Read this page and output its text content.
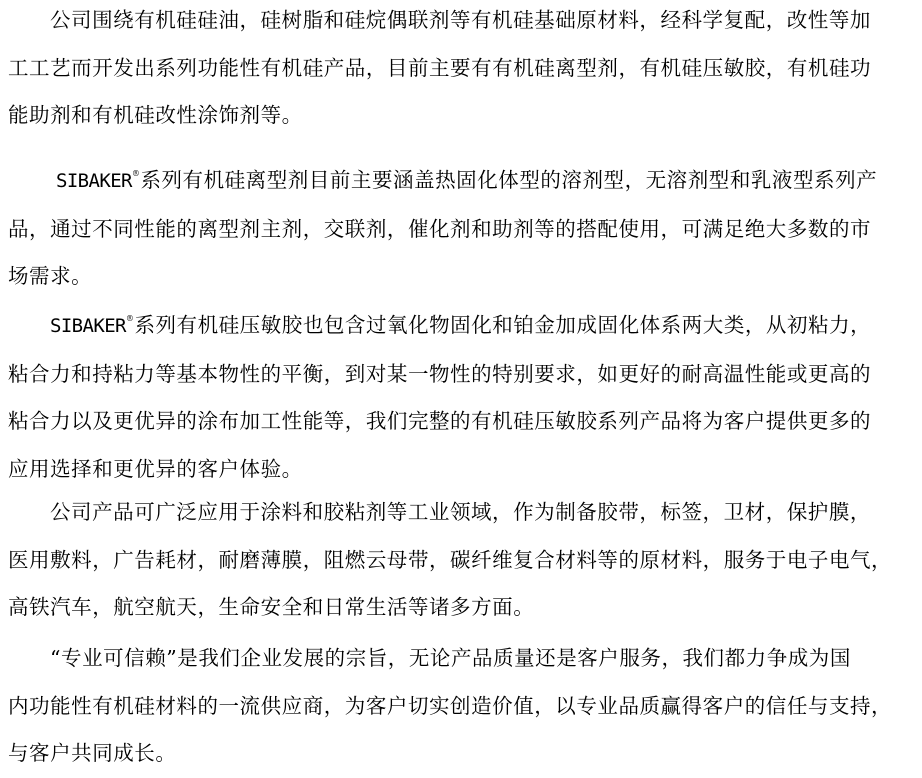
公司围绕有机硅硅油，硅树脂和硅烷偶联剂等有机硅基础原材料，经科学复配，改性等加
工工艺而开发出系列功能性有机硅产品，目前主要有有机硅离型剂，有机硅压敏胶，有机硅功
能助剂和有机硅改性涂饰剂等。

SIBAKER®系列有机硅离型剂目前主要涵盖热固化体型的溶剂型，无溶剂型和乳液型系列产
品，通过不同性能的离型剂主剂，交联剂，催化剂和助剂等的搭配使用，可满足绝大多数的市
场需求。

SIBAKER®系列有机硅压敏胶也包含过氧化物固化和铂金加成固化体系两大类，从初粘力，
粘合力和持粘力等基本物性的平衡，到对某一物性的特别要求，如更好的耐高温性能或更高的
粘合力以及更优异的涂布加工性能等，我们完整的有机硅压敏胶系列产品将为客户提供更多的
应用选择和更优异的客户体验。

公司产品可广泛应用于涂料和胶粘剂等工业领域，作为制备胶带，标签，卫材，保护膜，
医用敷料，广告耗材，耐磨薄膜，阻燃云母带，碳纤维复合材料等的原材料，服务于电子电气，
高铁汽车，航空航天，生命安全和日常生活等诸多方面。

“专业可信赖”是我们企业发展的宗旨，无论产品质量还是客户服务，我们都力争成为国
内功能性有机硅材料的一流供应商，为客户切实创造价值，以专业品质赢得客户的信任与支持，
与客户共同成长。
